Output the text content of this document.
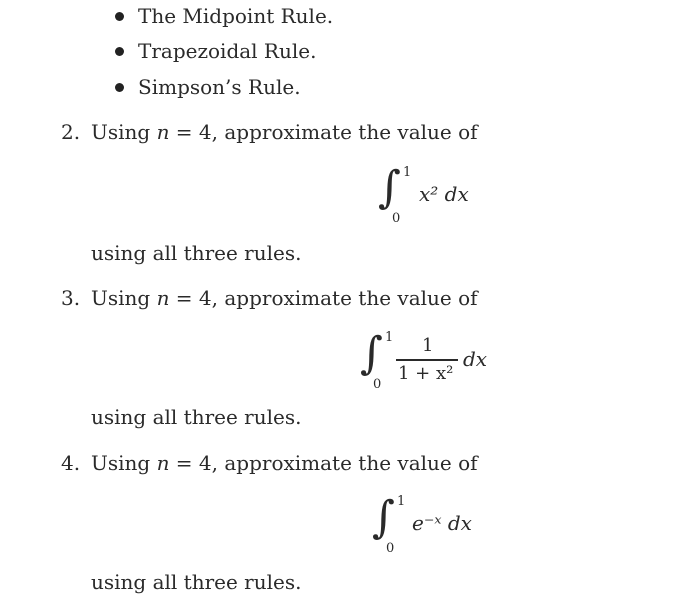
The Midpoint Rule.
Trapezoidal Rule.
Simpson’s Rule.
2. Using n = 4, approximate the value of
∫ 1
0
x² dx
using all three rules.
3. Using n = 4, approximate the value of
∫ 1
0
1
1 + x²
dx
using all three rules.
4. Using n = 4, approximate the value of
∫ 1
0
e⁻ˣ dx
using all three rules.
